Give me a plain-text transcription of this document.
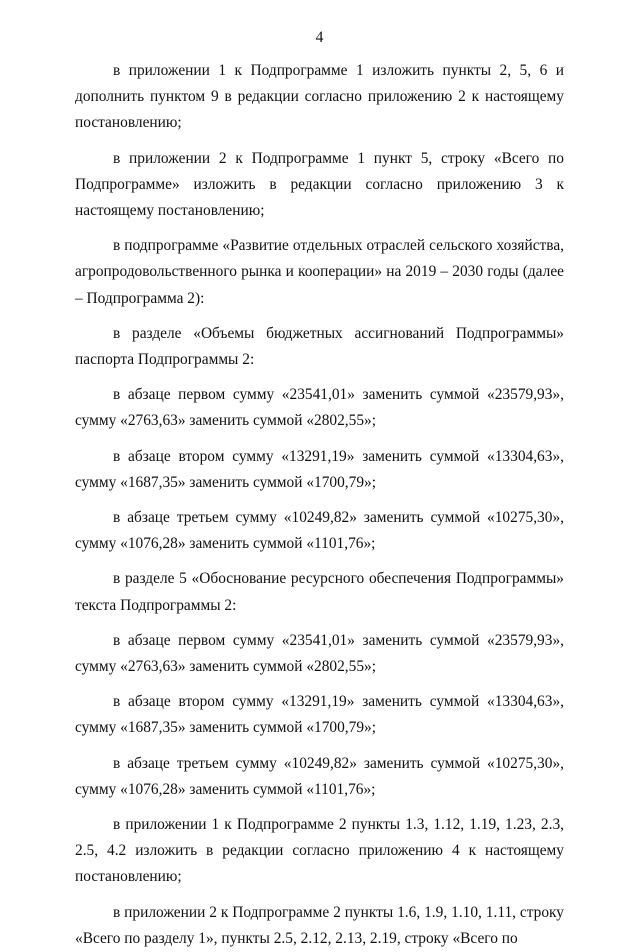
4

в приложении 1 к Подпрограмме 1 изложить пункты 2, 5, 6 и дополнить пунктом 9 в редакции согласно приложению 2 к настоящему постановлению;

в приложении 2 к Подпрограмме 1 пункт 5, строку «Всего по Подпрограмме» изложить в редакции согласно приложению 3 к настоящему постановлению;

в подпрограмме «Развитие отдельных отраслей сельского хозяйства, агропродовольственного рынка и кооперации» на 2019 – 2030 годы (далее – Подпрограмма 2):

в разделе «Объемы бюджетных ассигнований Подпрограммы» паспорта Подпрограммы 2:

в абзаце первом сумму «23541,01» заменить суммой «23579,93», сумму «2763,63» заменить суммой «2802,55»;

в абзаце втором сумму «13291,19» заменить суммой «13304,63», сумму «1687,35» заменить суммой «1700,79»;

в абзаце третьем сумму «10249,82» заменить суммой «10275,30», сумму «1076,28» заменить суммой «1101,76»;

в разделе 5 «Обоснование ресурсного обеспечения Подпрограммы» текста Подпрограммы 2:

в абзаце первом сумму «23541,01» заменить суммой «23579,93», сумму «2763,63» заменить суммой «2802,55»;

в абзаце втором сумму «13291,19» заменить суммой «13304,63», сумму «1687,35» заменить суммой «1700,79»;

в абзаце третьем сумму «10249,82» заменить суммой «10275,30», сумму «1076,28» заменить суммой «1101,76»;

в приложении 1 к Подпрограмме 2 пункты 1.3, 1.12, 1.19, 1.23, 2.3, 2.5, 4.2 изложить в редакции согласно приложению 4 к настоящему постановлению;

в приложении 2 к Подпрограмме 2 пункты 1.6, 1.9, 1.10, 1.11, строку «Всего по разделу 1», пункты 2.5, 2.12, 2.13, 2.19, строку «Всего по
